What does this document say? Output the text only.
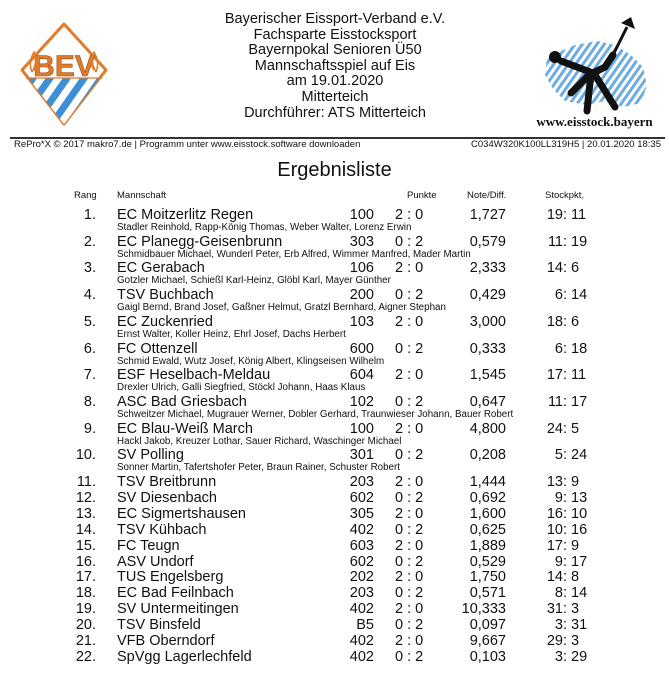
BEV
Bayerischer Eissport-Verband e.V.
Fachsparte Eisstocksport
Bayernpokal Senioren Ü50
Mannschaftsspiel auf Eis
am 19.01.2020
Mitterteich
Durchführer: ATS Mitterteich
www.eisstock.bayern
RePro*X © 2017 makro7.de | Programm unter www.eisstock.software downloaden	C034W320K100LL319H5 | 20.01.2020 18:35
Ergebnisliste
Rang Mannschaft	Punkte	Note/Diff.	Stockpkt.
1. EC Moitzerlitz Regen	100 2 : 0	1,727	19 : 11
Stadler Reinhold, Rapp-König Thomas, Weber Walter, Lorenz Erwin
2. EC Planegg-Geisenbrunn	303 0 : 2	0,579	11 : 19
Schmidbauer Michael, Wunderl Peter, Erb Alfred, Wimmer Manfred, Mader Martin
3. EC Gerabach	106 2 : 0	2,333	14 : 6
Gotzler Michael, Schießl Karl-Heinz, Glöbl Karl, Mayer Günther
4. TSV Buchbach	200 0 : 2	0,429	6 : 14
Gaigl Bernd, Brand Josef, Gaßner Helmut, Gratzl Bernhard, Aigner Stephan
5. EC Zuckenried	103 2 : 0	3,000	18 : 6
Ernst Walter, Koller Heinz, Ehrl Josef, Dachs Herbert
6. FC Ottenzell	600 0 : 2	0,333	6 : 18
Schmid Ewald, Wutz Josef, König Albert, Klingseisen Wilhelm
7. ESF Heselbach-Meldau	604 2 : 0	1,545	17 : 11
Drexler Ulrich, Galli Siegfried, Stöckl Johann, Haas Klaus
8. ASC Bad Griesbach	102 0 : 2	0,647	11 : 17
Schweitzer Michael, Mugrauer Werner, Dobler Gerhard, Traunwieser Johann, Bauer Robert
9. EC Blau-Weiß March	100 2 : 0	4,800	24 : 5
Hackl Jakob, Kreuzer Lothar, Sauer Richard, Waschinger Michael
10. SV Polling	301 0 : 2	0,208	5 : 24
Sonner Martin, Tafertshofer Peter, Braun Rainer, Schuster Robert
11. TSV Breitbrunn	203 2 : 0	1,444	13 : 9
12. SV Diesenbach	602 0 : 2	0,692	9 : 13
13. EC Sigmertshausen	305 2 : 0	1,600	16 : 10
14. TSV Kühbach	402 0 : 2	0,625	10 : 16
15. FC Teugn	603 2 : 0	1,889	17 : 9
16. ASV Undorf	602 0 : 2	0,529	9 : 17
17. TUS Engelsberg	202 2 : 0	1,750	14 : 8
18. EC Bad Feilnbach	203 0 : 2	0,571	8 : 14
19. SV Untermeitingen	402 2 : 0	10,333	31 : 3
20. TSV Binsfeld	B5 0 : 2	0,097	3 : 31
21. VFB Oberndorf	402 2 : 0	9,667	29 : 3
22. SpVgg Lagerlechfeld	402 0 : 2	0,103	3 : 29
